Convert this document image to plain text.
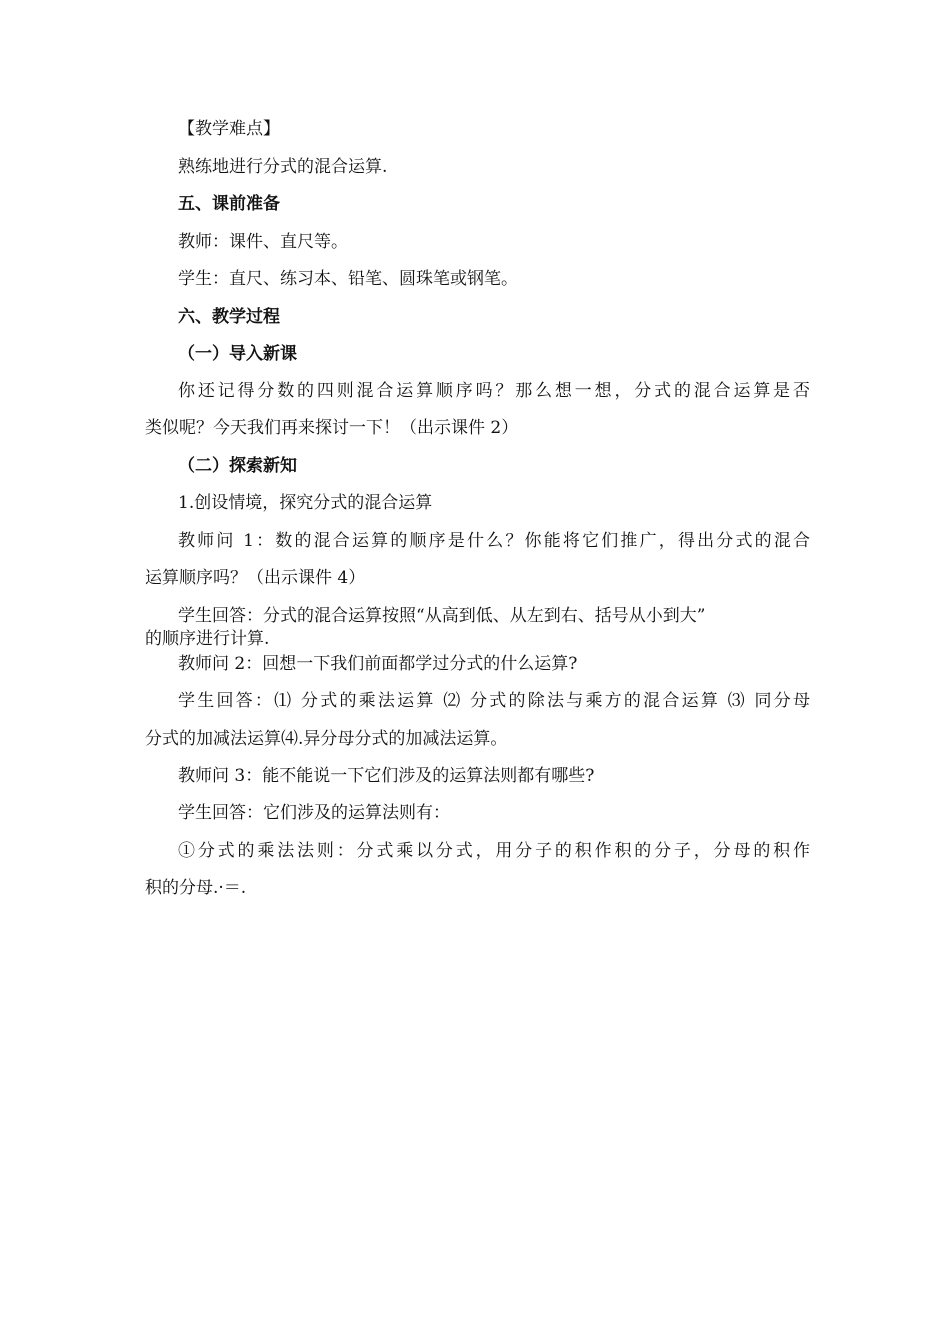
【教学难点】
熟练地进行分式的混合运算.
五、课前准备
教师：课件、直尺等。
学生：直尺、练习本、铅笔、圆珠笔或钢笔。
六、教学过程
（一）导入新课
你还记得分数的四则混合运算顺序吗？那么想一想，分式的混合运算是否
类似呢？今天我们再来探讨一下！（出示课件 2）
（二）探索新知
1.创设情境，探究分式的混合运算
教师问 1：数的混合运算的顺序是什么？你能将它们推广，得出分式的混合
运算顺序吗？（出示课件 4）
学生回答：分式的混合运算按照“从高到低、从左到右、括号从小到大”
的顺序进行计算.
教师问 2：回想一下我们前面都学过分式的什么运算?
学生回答：⑴ 分式的乘法运算 ⑵ 分式的除法与乘方的混合运算 ⑶ 同分母
分式的加减法运算⑷.异分母分式的加减法运算。
教师问 3：能不能说一下它们涉及的运算法则都有哪些?
学生回答：它们涉及的运算法则有：
①分式的乘法法则：分式乘以分式，用分子的积作积的分子，分母的积作
积的分母.·＝.
